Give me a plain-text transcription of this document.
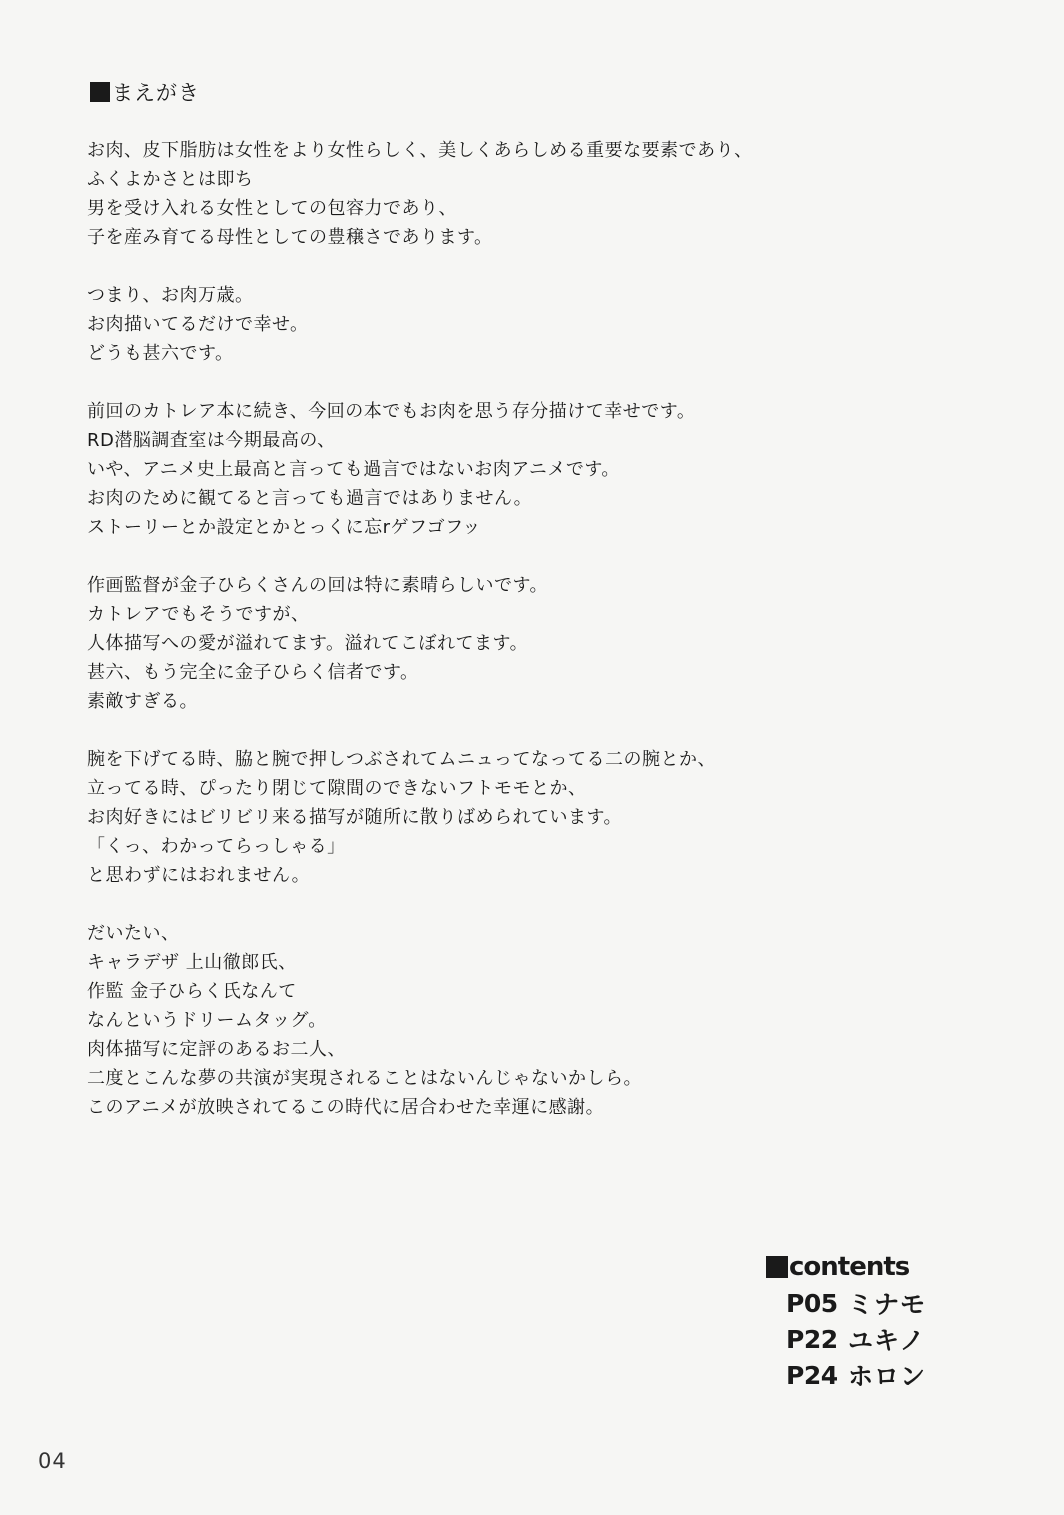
まえがき
お肉、皮下脂肪は女性をより女性らしく、美しくあらしめる重要な要素であり、
ふくよかさとは即ち
男を受け入れる女性としての包容力であり、
子を産み育てる母性としての豊穣さであります。
つまり、お肉万歳。
お肉描いてるだけで幸せ。
どうも甚六です。
前回のカトレア本に続き、今回の本でもお肉を思う存分描けて幸せです。
RD潜脳調査室は今期最高の、
いや、アニメ史上最高と言っても過言ではないお肉アニメです。
お肉のために観てると言っても過言ではありません。
ストーリーとか設定とかとっくに忘rゲフゴフッ
作画監督が金子ひらくさんの回は特に素晴らしいです。
カトレアでもそうですが、
人体描写への愛が溢れてます。溢れてこぼれてます。
甚六、もう完全に金子ひらく信者です。
素敵すぎる。
腕を下げてる時、脇と腕で押しつぶされてムニュってなってる二の腕とか、
立ってる時、ぴったり閉じて隙間のできないフトモモとか、
お肉好きにはビリビリ来る描写が随所に散りばめられています。
「くっ、わかってらっしゃる」
と思わずにはおれません。
だいたい、
キャラデザ 上山徹郎氏、
作監 金子ひらく氏なんて
なんというドリームタッグ。
肉体描写に定評のあるお二人、
二度とこんな夢の共演が実現されることはないんじゃないかしら。
このアニメが放映されてるこの時代に居合わせた幸運に感謝。
contents
P05 ミナモ
P22 ユキノ
P24 ホロン
04
